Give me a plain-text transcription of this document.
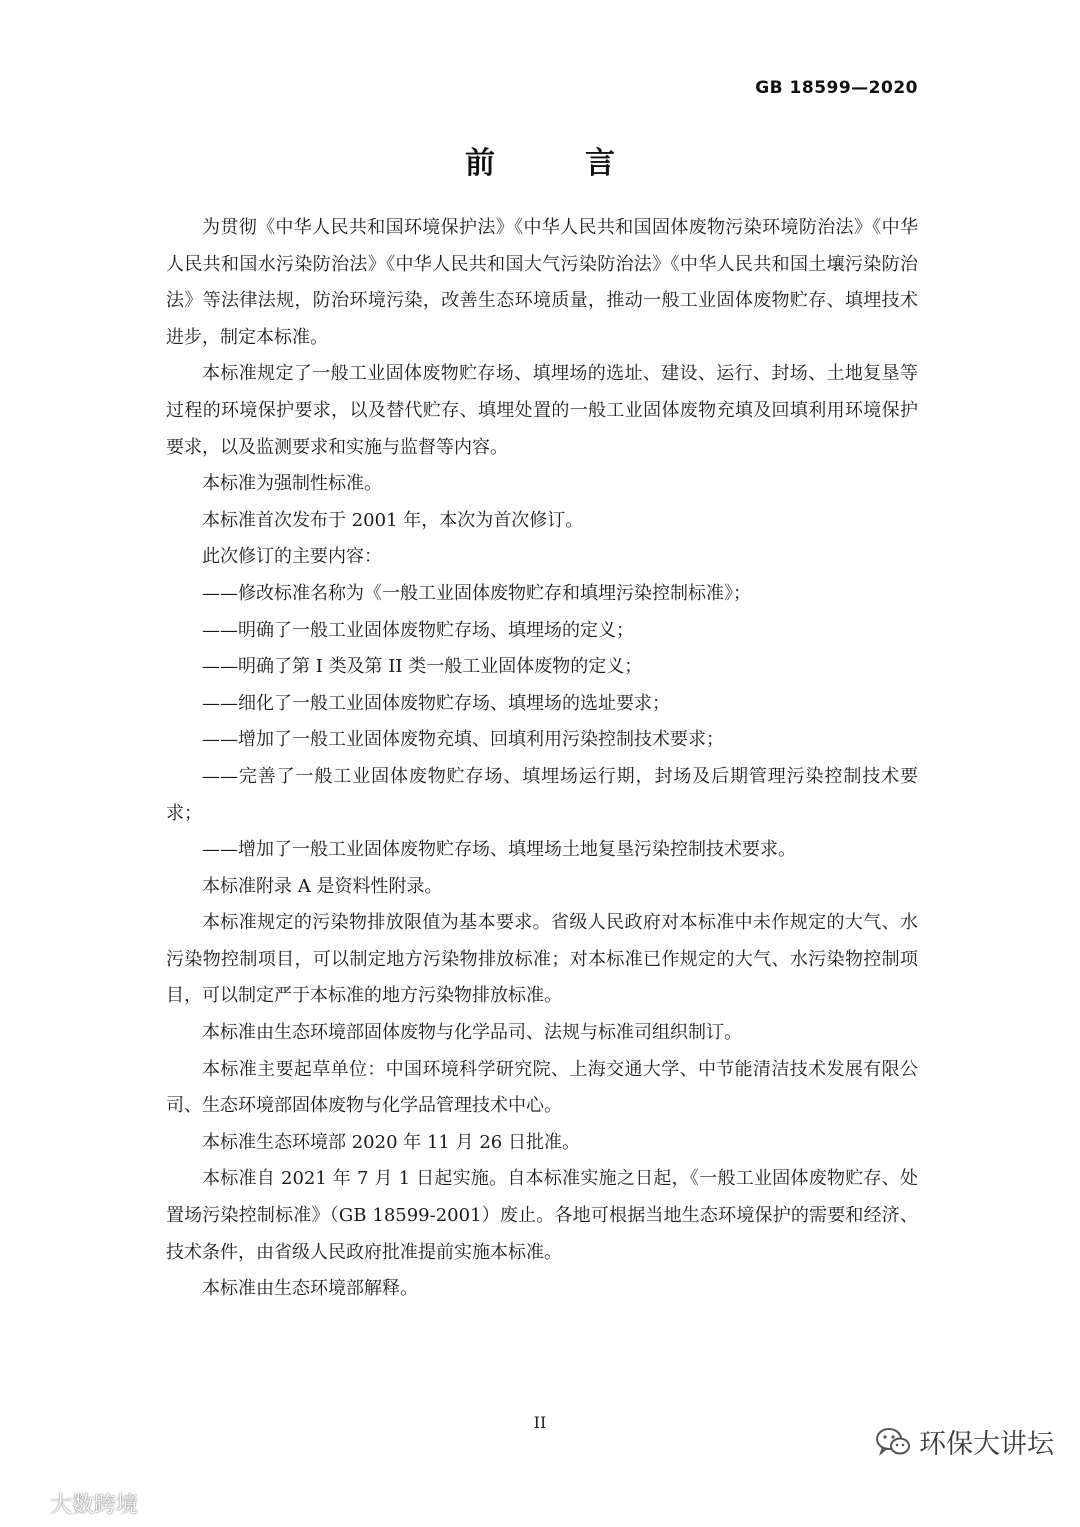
GB 18599—2020
前　言

为贯彻《中华人民共和国环境保护法》《中华人民共和国固体废物污染环境防治法》《中华人民共和国水污染防治法》《中华人民共和国大气污染防治法》《中华人民共和国土壤污染防治法》等法律法规，防治环境污染，改善生态环境质量，推动一般工业固体废物贮存、填埋技术进步，制定本标准。

本标准规定了一般工业固体废物贮存场、填埋场的选址、建设、运行、封场、土地复垦等过程的环境保护要求，以及替代贮存、填埋处置的一般工业固体废物充填及回填利用环境保护要求，以及监测要求和实施与监督等内容。

本标准为强制性标准。

本标准首次发布于 2001 年，本次为首次修订。

此次修订的主要内容：

——修改标准名称为《一般工业固体废物贮存和填埋污染控制标准》；

——明确了一般工业固体废物贮存场、填埋场的定义；

——明确了第 I 类及第 II 类一般工业固体废物的定义；

——细化了一般工业固体废物贮存场、填埋场的选址要求；

——增加了一般工业固体废物充填、回填利用污染控制技术要求；

——完善了一般工业固体废物贮存场、填埋场运行期，封场及后期管理污染控制技术要求；

——增加了一般工业固体废物贮存场、填埋场土地复垦污染控制技术要求。

本标准附录 A 是资料性附录。

本标准规定的污染物排放限值为基本要求。省级人民政府对本标准中未作规定的大气、水污染物控制项目，可以制定地方污染物排放标准；对本标准已作规定的大气、水污染物控制项目，可以制定严于本标准的地方污染物排放标准。

本标准由生态环境部固体废物与化学品司、法规与标准司组织制订。

本标准主要起草单位：中国环境科学研究院、上海交通大学、中节能清洁技术发展有限公司、生态环境部固体废物与化学品管理技术中心。

本标准生态环境部 2020 年 11 月 26 日批准。

本标准自 2021 年 7 月 1 日起实施。自本标准实施之日起，《一般工业固体废物贮存、处置场污染控制标准》（GB 18599-2001）废止。各地可根据当地生态环境保护的需要和经济、技术条件，由省级人民政府批准提前实施本标准。

本标准由生态环境部解释。

II
大数跨境
环保大讲坛
